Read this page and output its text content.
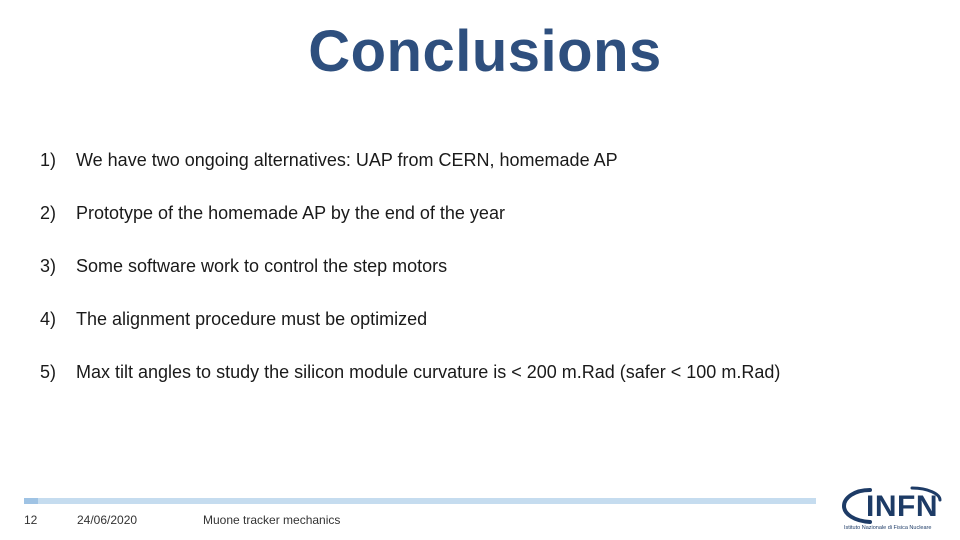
Conclusions
1)	We have two ongoing alternatives: UAP from CERN, homemade AP
2)	Prototype of the homemade AP by the end of the year
3)	Some software work to control the step motors
4)	The alignment procedure must be optimized
5)	Max tilt angles to study the silicon module curvature is < 200 m.Rad (safer < 100 m.Rad)
12	24/06/2020	Muone tracker mechanics	INFN
Istituto Nazionale di Fisica Nucleare
